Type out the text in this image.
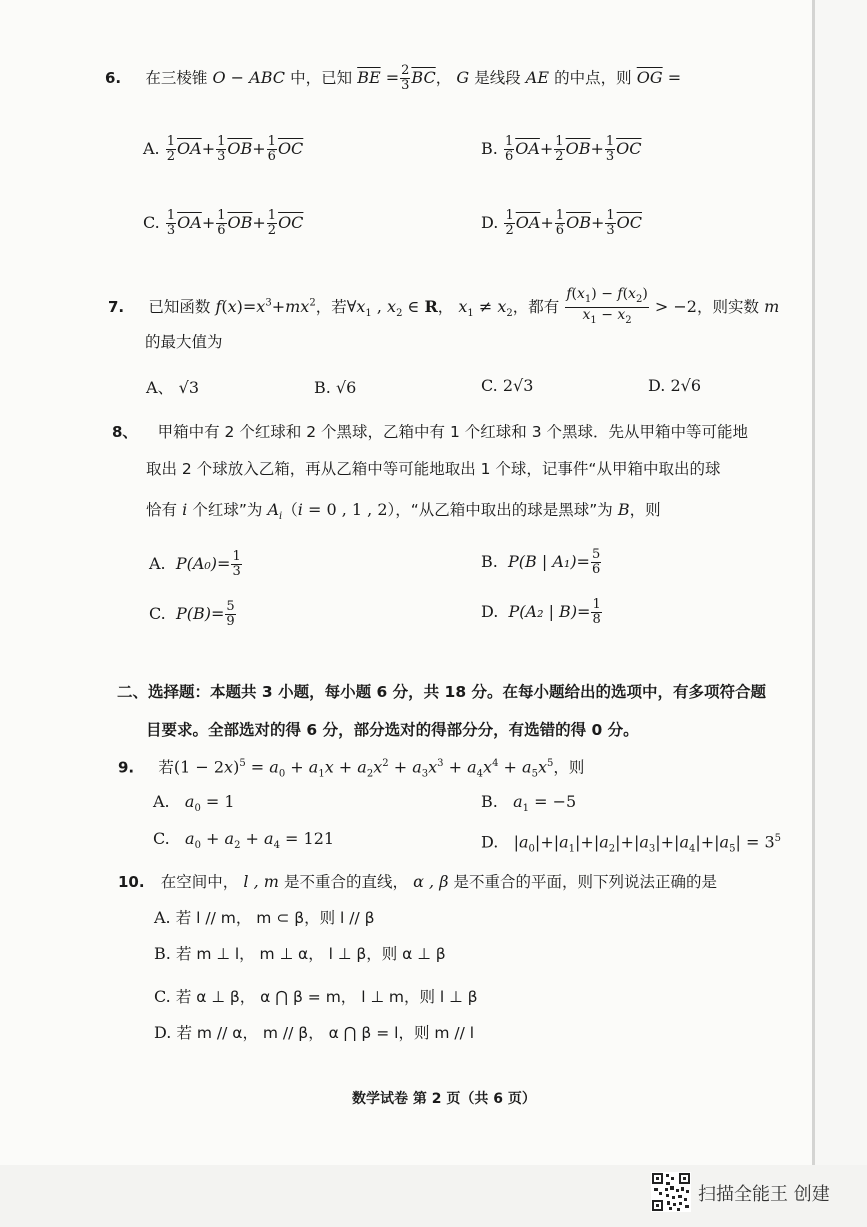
6. 在三棱锥 O − ABC 中，已知 $\overline{BE} = \frac{2}{3} \overline{BC}$， G 是线段 AE 的中点，则 $\overline{OG}$ =
A. $\frac{1}{2} \overline{OA}+ \frac{1}{3} \overline{OB}+ \frac{1}{6} \overline{OC}$	B. $\frac{1}{6} \overline{OA}+ \frac{1}{2} \overline{OB}+ \frac{1}{3} \overline{OC}$
C. $\frac{1}{3} \overline{OA}+ \frac{1}{6} \overline{OB}+ \frac{1}{2} \overline{OC}$	D. $\frac{1}{2} \overline{OA}+ \frac{1}{6} \overline{OB}+ \frac{1}{3} \overline{OC}$
7. 已知函数 $f(x)=x^3+mx^2$，若$\forall x_1$ , $x_2$ ∈ R， $x_1 \ne x_2$，都有 $\frac{f(x_1) - f(x_2)}{x_1 - x_2} > -2$，则实数 m
的最大值为
A、 √3	B. √6	C. 2√3	D. 2√6
8、 甲箱中有 2 个红球和 2 个黑球，乙箱中有 1 个红球和 3 个黑球．先从甲箱中等可能地
取出 2 个球放入乙箱，再从乙箱中等可能地取出 1 个球，记事件“从甲箱中取出的球
恰有 i 个红球”为 $A_i(i = 0$ , 1 , 2），“从乙箱中取出的球是黑球”为 B，则
A. $P(A_0)= \frac{1}{3}$	B. P(B | $A_1)= \frac{5}{6}$
C. $P(B)= \frac{5}{9}$	D. P(A₂ | $B)= \frac{1}{8}$
二、选择题：本题共 3 小题，每小题 6 分，共 18 分。在每小题给出的选项中，有多项符合题
目要求。全部选对的得 6 分，部分选对的得部分分，有选错的得 0 分。
9. 若$(1 - 2x)^5 = a_0 + a_1x + a_2x^2 + a_3x^3 + a_4x^4 + a_5x^5$，则
A. $a_0 = 1$	B. $a_1 = -5$
C. $a_0 + a_2 + a_4 = 121$	D.   $|a_0|+|a_1|+|a_2|+|a_3|+|a_4|+|a_5| = 3^5$
10. 在空间中， l , m 是不重合的直线， α , β 是不重合的平面，则下列说法正确的是
A. 若 l // m， m ⊂ β，则 l // β
B. 若 m ⊥ l， m ⊥ α， l ⊥ β，则 α ⊥ β
C. 若 α ⊥ β， α ⋂ β = m， l ⊥ m，则 l ⊥ β
D. 若 m // α， m // β， α ⋂ β = l，则 m // l
数学试卷 第 2 页（共 6 页）
扫描全能王 创建
